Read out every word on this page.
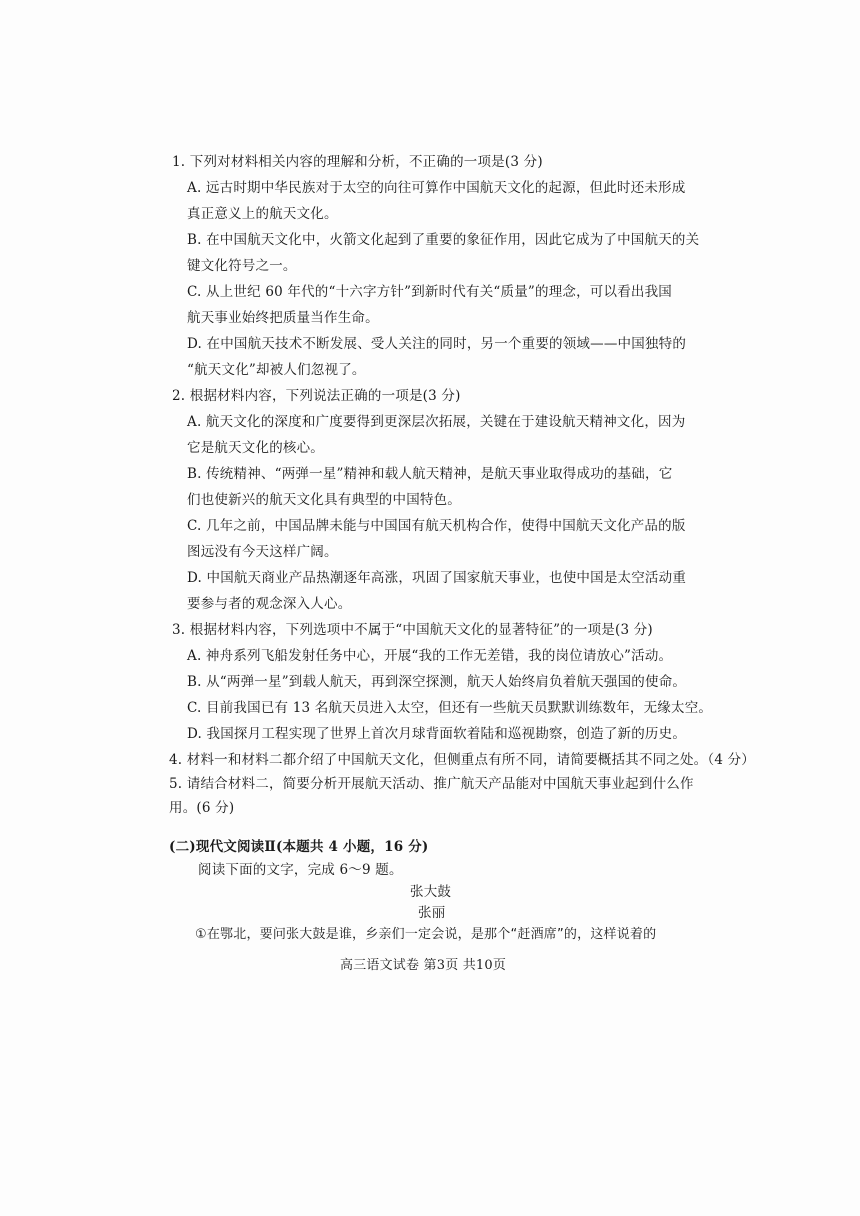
1. 下列对材料相关内容的理解和分析，不正确的一项是(3 分)
A. 远古时期中华民族对于太空的向往可算作中国航天文化的起源，但此时还未形成
真正意义上的航天文化。
B. 在中国航天文化中，火箭文化起到了重要的象征作用，因此它成为了中国航天的关
键文化符号之一。
C. 从上世纪 60 年代的“十六字方针”到新时代有关“质量”的理念，可以看出我国
航天事业始终把质量当作生命。
D. 在中国航天技术不断发展、受人关注的同时，另一个重要的领域——中国独特的
“航天文化”却被人们忽视了。
2. 根据材料内容，下列说法正确的一项是(3 分)
A. 航天文化的深度和广度要得到更深层次拓展，关键在于建设航天精神文化，因为
它是航天文化的核心。
B. 传统精神、“两弹一星”精神和载人航天精神，是航天事业取得成功的基础，它
们也使新兴的航天文化具有典型的中国特色。
C. 几年之前，中国品牌未能与中国国有航天机构合作，使得中国航天文化产品的版
图远没有今天这样广阔。
D. 中国航天商业产品热潮逐年高涨，巩固了国家航天事业，也使中国是太空活动重
要参与者的观念深入人心。
3. 根据材料内容，下列选项中不属于“中国航天文化的显著特征”的一项是(3 分)
A. 神舟系列飞船发射任务中心，开展“我的工作无差错，我的岗位请放心”活动。
B. 从“两弹一星”到载人航天，再到深空探测，航天人始终肩负着航天强国的使命。
C. 目前我国已有 13 名航天员进入太空，但还有一些航天员默默训练数年，无缘太空。
D. 我国探月工程实现了世界上首次月球背面软着陆和巡视勘察，创造了新的历史。
4. 材料一和材料二都介绍了中国航天文化，但侧重点有所不同，请简要概括其不同之处。（4 分）
5. 请结合材料二，简要分析开展航天活动、推广航天产品能对中国航天事业起到什么作
用。(6 分)
(二)现代文阅读Ⅱ(本题共 4 小题，16 分)
阅读下面的文字，完成 6～9 题。
张大鼓
张丽
①在鄂北，要问张大鼓是谁，乡亲们一定会说，是那个“赶酒席”的，这样说着的
高三语文试卷 第3页 共10页
